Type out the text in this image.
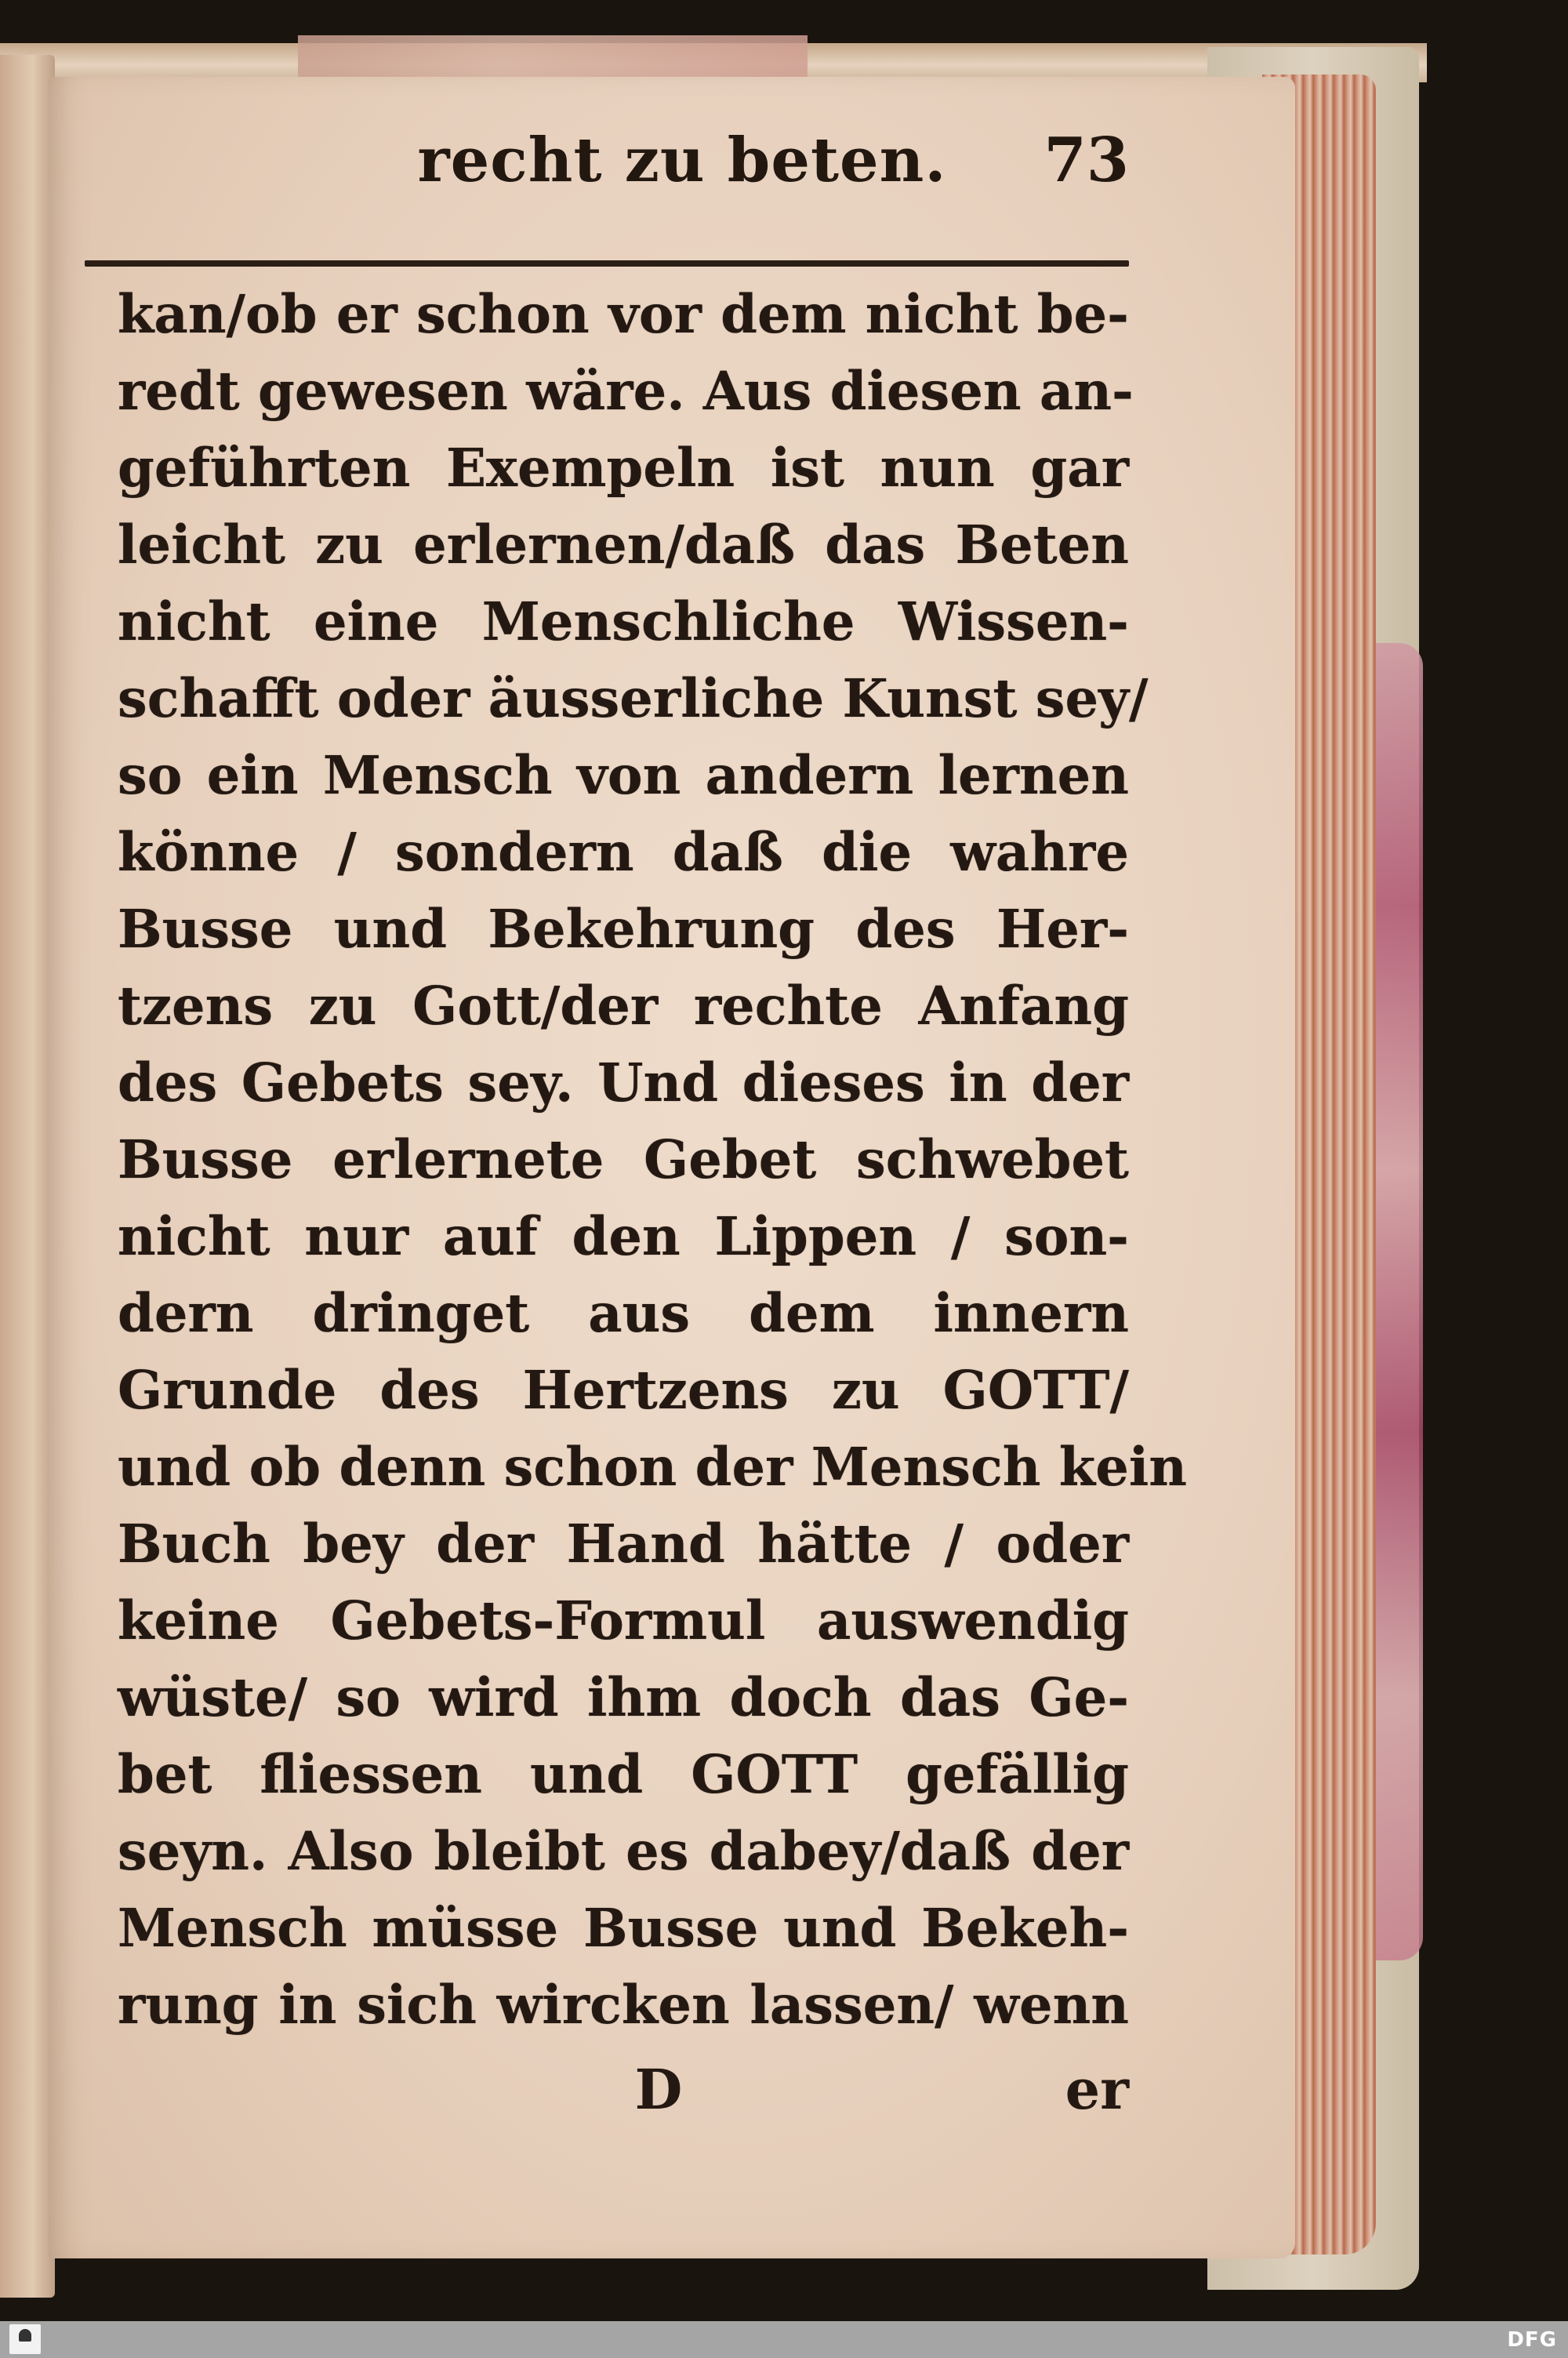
recht zu beten.	73
kan/ob er schon vor dem nicht be-
redt gewesen wäre. Aus diesen an-
geführten Exempeln ist nun gar
leicht zu erlernen/daß das Beten
nicht eine Menschliche Wissen-
schafft oder äusserliche Kunst sey/
so ein Mensch von andern lernen
könne / sondern daß die wahre
Busse und Bekehrung des Her-
tzens zu Gott/der rechte Anfang
des Gebets sey. Und dieses in der
Busse erlernete Gebet schwebet
nicht nur auf den Lippen / son-
dern dringet aus dem innern
Grunde des Hertzens zu GOTT/
und ob denn schon der Mensch kein
Buch bey der Hand hätte / oder
keine Gebets-Formul auswendig
wüste/ so wird ihm doch das Ge-
bet fliessen und GOTT gefällig
seyn. Also bleibt es dabey/daß der
Mensch müsse Busse und Bekeh-
rung in sich wircken lassen/ wenn
D	er
DFG
